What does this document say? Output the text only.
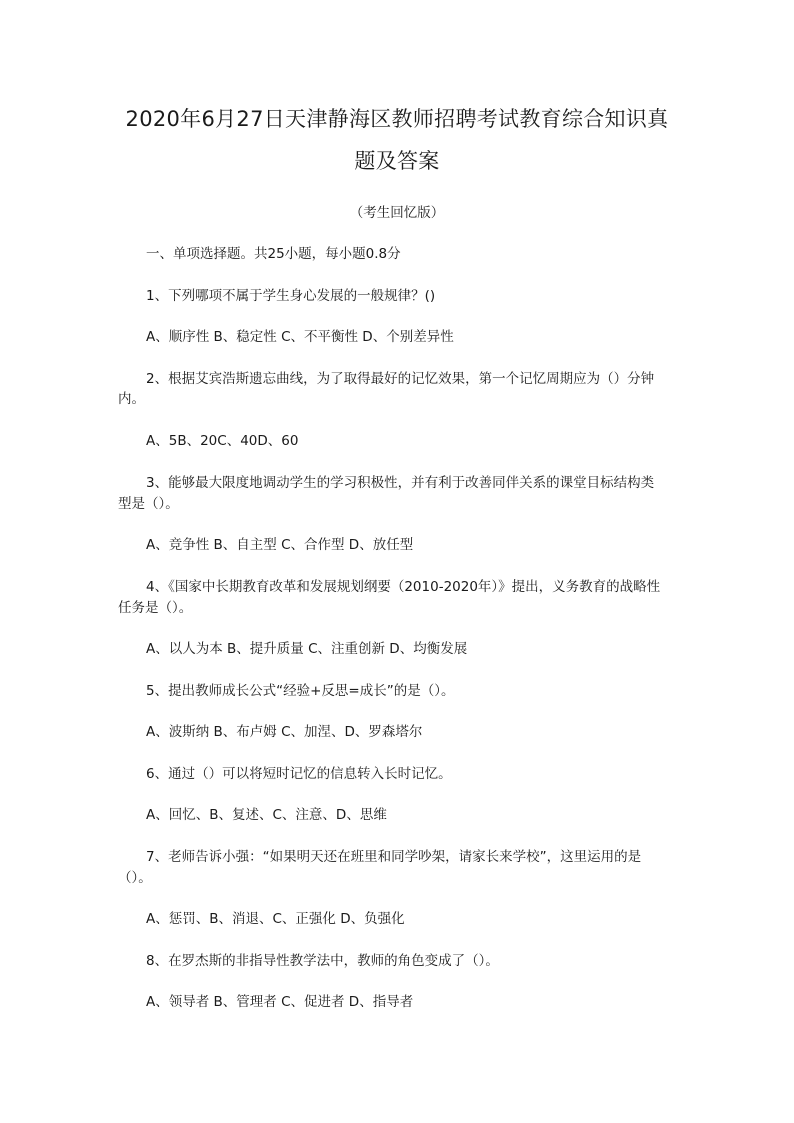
2020年6月27日天津静海区教师招聘考试教育综合知识真
题及答案
（考生回忆版）
一、单项选择题。共25小题，每小题0.8分
1、下列哪项不属于学生身心发展的一般规律？()
A、顺序性 B、稳定性 C、不平衡性 D、个别差异性
2、根据艾宾浩斯遗忘曲线，为了取得最好的记忆效果，第一个记忆周期应为（）分钟
内。
A、5B、20C、40D、60
3、能够最大限度地调动学生的学习积极性，并有利于改善同伴关系的课堂目标结构类
型是（）。
A、竞争性 B、自主型 C、合作型 D、放任型
4、《国家中长期教育改革和发展规划纲要（2010-2020年）》提出，义务教育的战略性
任务是（）。
A、以人为本 B、提升质量 C、注重创新 D、均衡发展
5、提出教师成长公式“经验+反思=成长”的是（）。
A、波斯纳 B、布卢姆 C、加涅、D、罗森塔尔
6、通过（）可以将短时记忆的信息转入长时记忆。
A、回忆、B、复述、C、注意、D、思维
7、老师告诉小强：“如果明天还在班里和同学吵架，请家长来学校”，这里运用的是
（）。
A、惩罚、B、消退、C、正强化 D、负强化
8、在罗杰斯的非指导性教学法中，教师的角色变成了（）。
A、领导者 B、管理者 C、促进者 D、指导者
